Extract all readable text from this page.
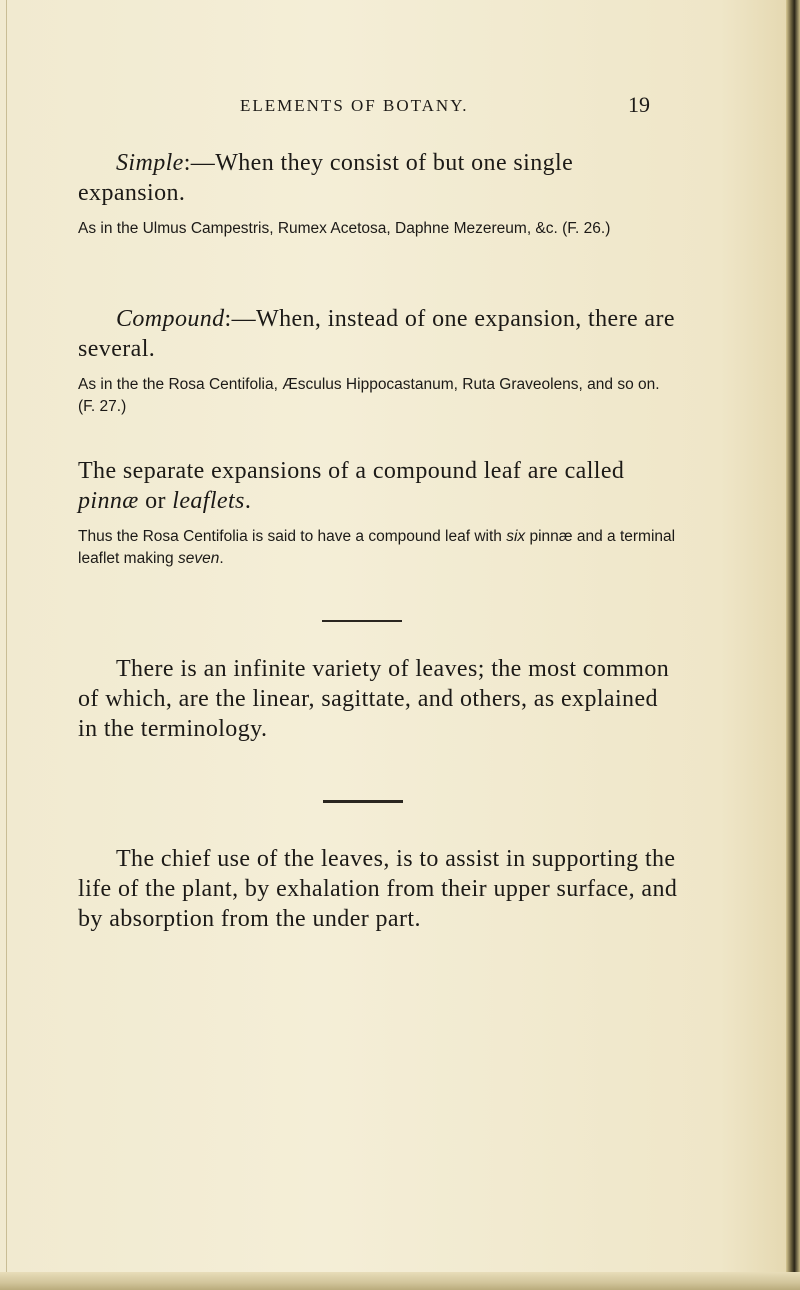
ELEMENTS OF BOTANY.	19

Simple:—When they consist of but one single expansion.

As in the Ulmus Campestris, Rumex Acetosa, Daphne Mezereum, &c. (F. 26.)

Compound:—When, instead of one expansion, there are several.

As in the the Rosa Centifolia, Æsculus Hippocastanum, Ruta Graveolens, and so on. (F. 27.)

The separate expansions of a compound leaf are called pinnæ or leaflets.

Thus the Rosa Centifolia is said to have a compound leaf with six pinnæ and a terminal leaflet making seven.

There is an infinite variety of leaves; the most common of which, are the linear, sagittate, and others, as explained in the terminology.

The chief use of the leaves, is to assist in supporting the life of the plant, by exhalation from their upper surface, and by absorption from the under part.
